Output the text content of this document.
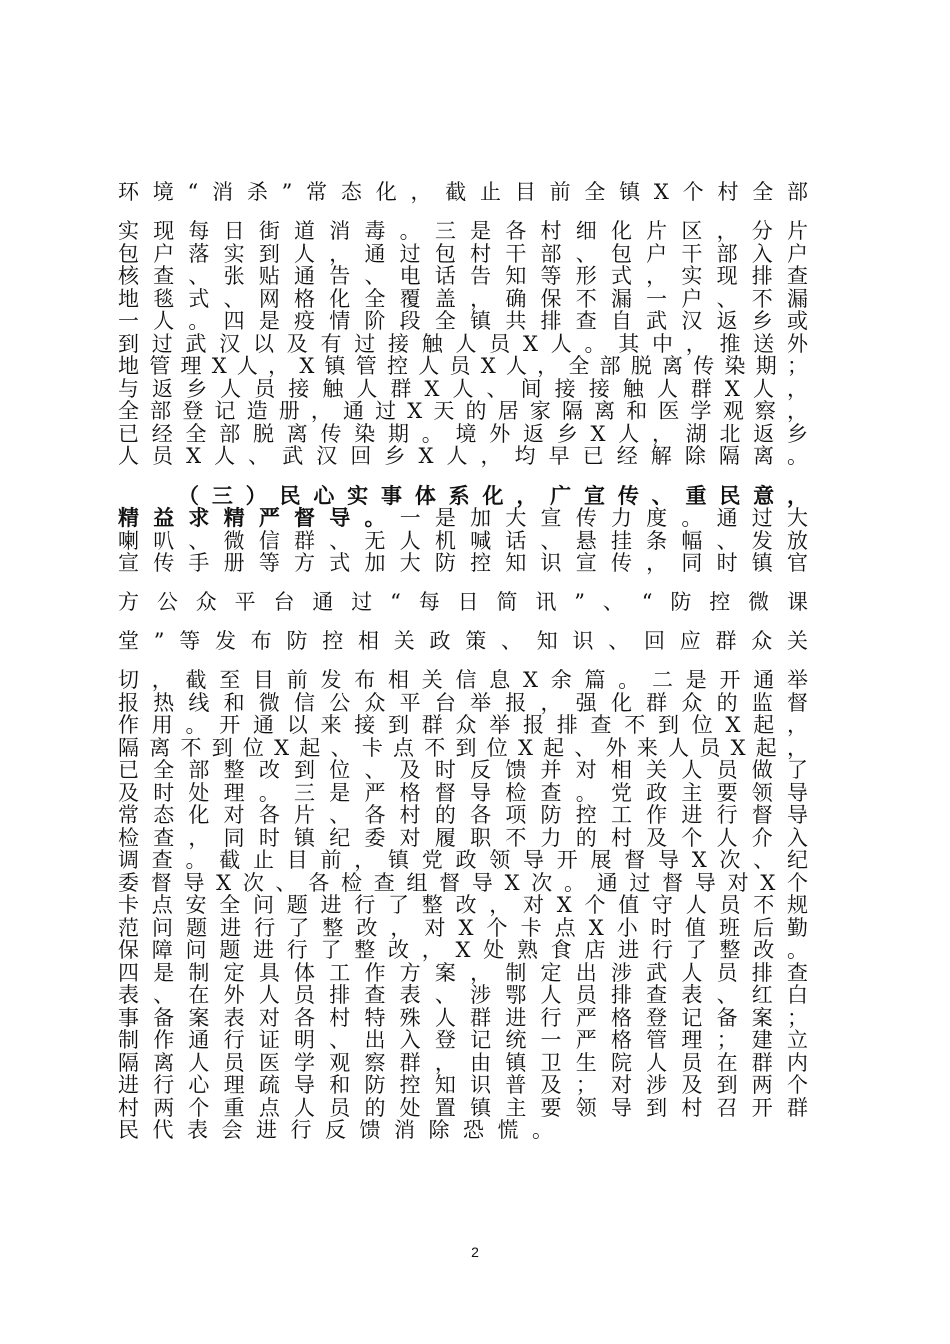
环境“消杀”常态化，截止目前全镇X个村全部
实现每日街道消毒。三是各村细化片区，分片
包户落实到人，通过包村干部、包户干部入户
核查、张贴通告、电话告知等形式，实现排查
地毯式、网格化全覆盖，确保不漏一户、不漏
一人。四是疫情阶段全镇共排查自武汉返乡或
到过武汉以及有过接触人员X人。其中，推送外
地管理X人，X镇管控人员X人，全部脱离传染期；
与返乡人员接触人群X人、间接接触人群X人，
全部登记造册，通过X天的居家隔离和医学观察，
已经全部脱离传染期。境外返乡X人，湖北返乡
人员X人、武汉回乡X人，均早已经解除隔离。
（三）民心实事体系化，广宣传、重民意，
精益求精严督导。一是加大宣传力度。通过大
喇叭、微信群、无人机喊话、悬挂条幅、发放
宣传手册等方式加大防控知识宣传，同时镇官
方公众平台通过“每日简讯”、“防控微课
堂”等发布防控相关政策、知识、回应群众关
切，截至目前发布相关信息X余篇。二是开通举
报热线和微信公众平台举报，强化群众的监督
作用。开通以来接到群众举报排查不到位X起，
隔离不到位X起、卡点不到位X起、外来人员X起，
已全部整改到位、及时反馈并对相关人员做了
及时处理。三是严格督导检查。党政主要领导
常态化对各片、各村的各项防控工作进行督导
检查，同时镇纪委对履职不力的村及个人介入
调查。截止目前，镇党政领导开展督导X次、纪
委督导X次、各检查组督导X次。通过督导对X个
卡点安全问题进行了整改，对X个值守人员不规
范问题进行了整改，对X个卡点X小时值班后勤
保障问题进行了整改，X处熟食店进行了整改。
四是制定具体工作方案，制定出涉武人员排查
表、在外人员排查表、涉鄂人员排查表、红白
事备案表对各村特殊人群进行严格登记备案；
制作通行证明、出入登记统一严格管理；建立
隔离人员医学观察群，由镇卫生院人员在群内
进行心理疏导和防控知识普及；对涉及到两个
村两个重点人员的处置镇主要领导到村召开群
民代表会进行反馈消除恐慌。
2
